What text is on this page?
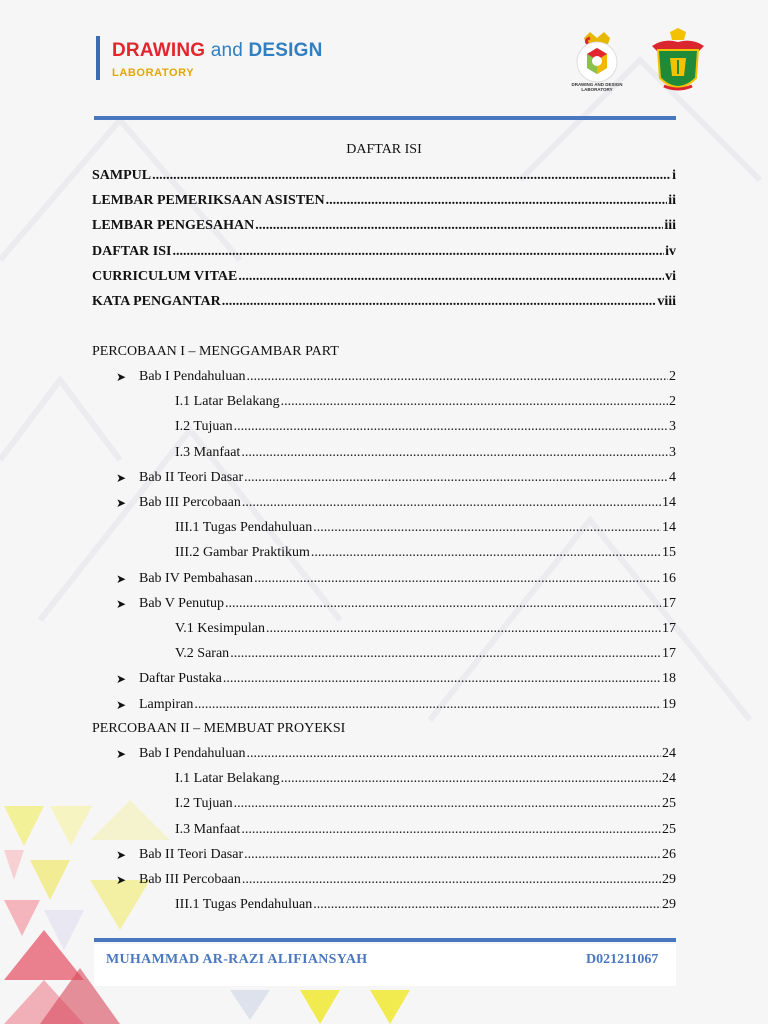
DRAWING and DESIGN
LABORATORY
DRAWING AND DESIGN LABORATORY
DAFTAR ISI
SAMPUL .....	i
LEMBAR PEMERIKSAAN ASISTEN .....	ii
LEMBAR PENGESAHAN .....	iii
DAFTAR ISI .....	iv
CURRICULUM VITAE .....	vi
KATA PENGANTAR .....	viii
PERCOBAAN I – MENGGAMBAR PART
Bab I Pendahuluan .....	2
➤
I.1 Latar Belakang .....	2
I.2 Tujuan .....	3
I.3 Manfaat .....	3
Bab II Teori Dasar .....	4
➤
Bab III Percobaan .....	14
➤
III.1 Tugas Pendahuluan .....	14
III.2 Gambar Praktikum .....	15
Bab IV Pembahasan .....	16
➤
Bab V Penutup .....	17
➤
V.1 Kesimpulan .....	17
V.2 Saran .....	17
Daftar Pustaka .....	18
➤
Lampiran .....	19
➤
PERCOBAAN II – MEMBUAT PROYEKSI
Bab I Pendahuluan .....	24
➤
I.1 Latar Belakang .....	24
I.2 Tujuan .....	25
I.3 Manfaat .....	25
Bab II Teori Dasar .....	26
➤
Bab III Percobaan .....	29
➤
III.1 Tugas Pendahuluan .....	29
MUHAMMAD AR-RAZI ALIFIANSYAH	D021211067
